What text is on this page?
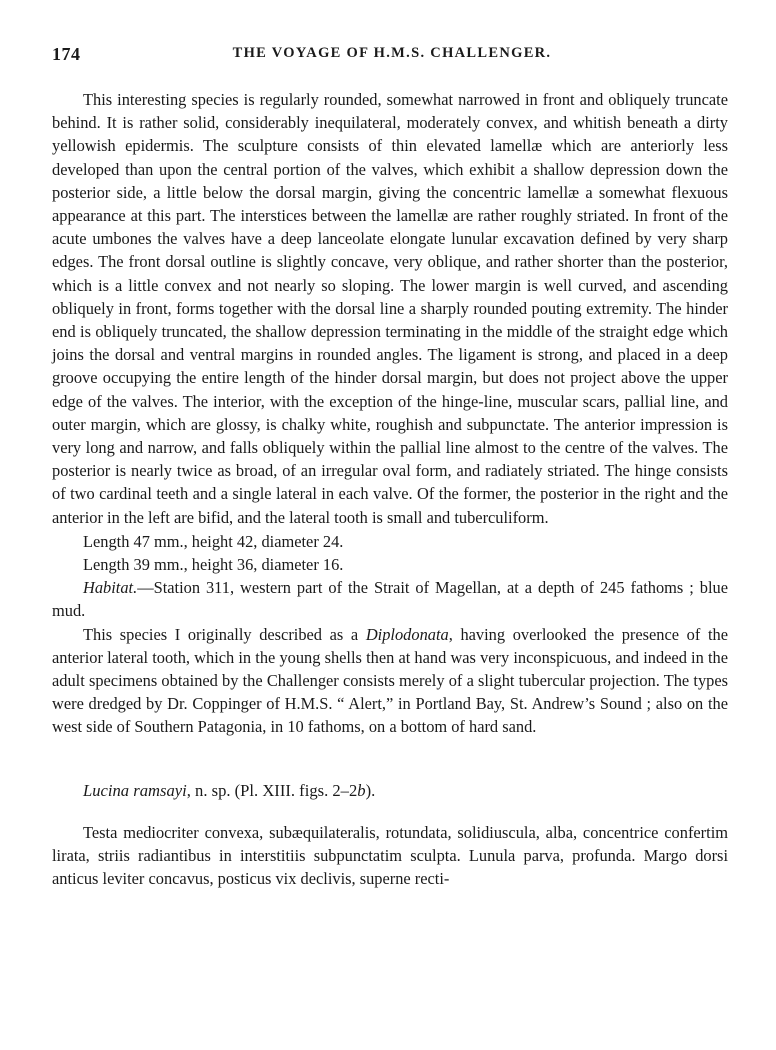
174	THE VOYAGE OF H.M.S. CHALLENGER.

This interesting species is regularly rounded, somewhat narrowed in front and obliquely truncate behind. It is rather solid, considerably inequilateral, moderately convex, and whitish beneath a dirty yellowish epidermis. The sculpture consists of thin elevated lamellæ which are anteriorly less developed than upon the central portion of the valves, which exhibit a shallow depression down the posterior side, a little below the dorsal margin, giving the concentric lamellæ a somewhat flexuous appearance at this part. The interstices between the lamellæ are rather roughly striated. In front of the acute umbones the valves have a deep lanceolate elongate lunular excavation defined by very sharp edges. The front dorsal outline is slightly concave, very oblique, and rather shorter than the posterior, which is a little convex and not nearly so sloping. The lower margin is well curved, and ascending obliquely in front, forms together with the dorsal line a sharply rounded pouting extremity. The hinder end is obliquely truncated, the shallow depression terminating in the middle of the straight edge which joins the dorsal and ventral margins in rounded angles. The ligament is strong, and placed in a deep groove occupying the entire length of the hinder dorsal margin, but does not project above the upper edge of the valves. The interior, with the exception of the hinge-line, muscular scars, pallial line, and outer margin, which are glossy, is chalky white, roughish and subpunctate. The anterior impression is very long and narrow, and falls obliquely within the pallial line almost to the centre of the valves. The posterior is nearly twice as broad, of an irregular oval form, and radiately striated. The hinge consists of two cardinal teeth and a single lateral in each valve. Of the former, the posterior in the right and the anterior in the left are bifid, and the lateral tooth is small and tuberculiform.

Length 47 mm., height 42, diameter 24.

Length 39 mm., height 36, diameter 16.

Habitat.—Station 311, western part of the Strait of Magellan, at a depth of 245 fathoms ; blue mud.

This species I originally described as a Diplodonata, having overlooked the presence of the anterior lateral tooth, which in the young shells then at hand was very inconspicuous, and indeed in the adult specimens obtained by the Challenger consists merely of a slight tubercular projection. The types were dredged by Dr. Coppinger of H.M.S. “ Alert,” in Portland Bay, St. Andrew’s Sound ; also on the west side of Southern Patagonia, in 10 fathoms, on a bottom of hard sand.

Lucina ramsayi, n. sp. (Pl. XIII. figs. 2–2b).

Testa mediocriter convexa, subæquilateralis, rotundata, solidiuscula, alba, concentrice confertim lirata, striis radiantibus in interstitiis subpunctatim sculpta. Lunula parva, profunda. Margo dorsi anticus leviter concavus, posticus vix declivis, superne recti-
